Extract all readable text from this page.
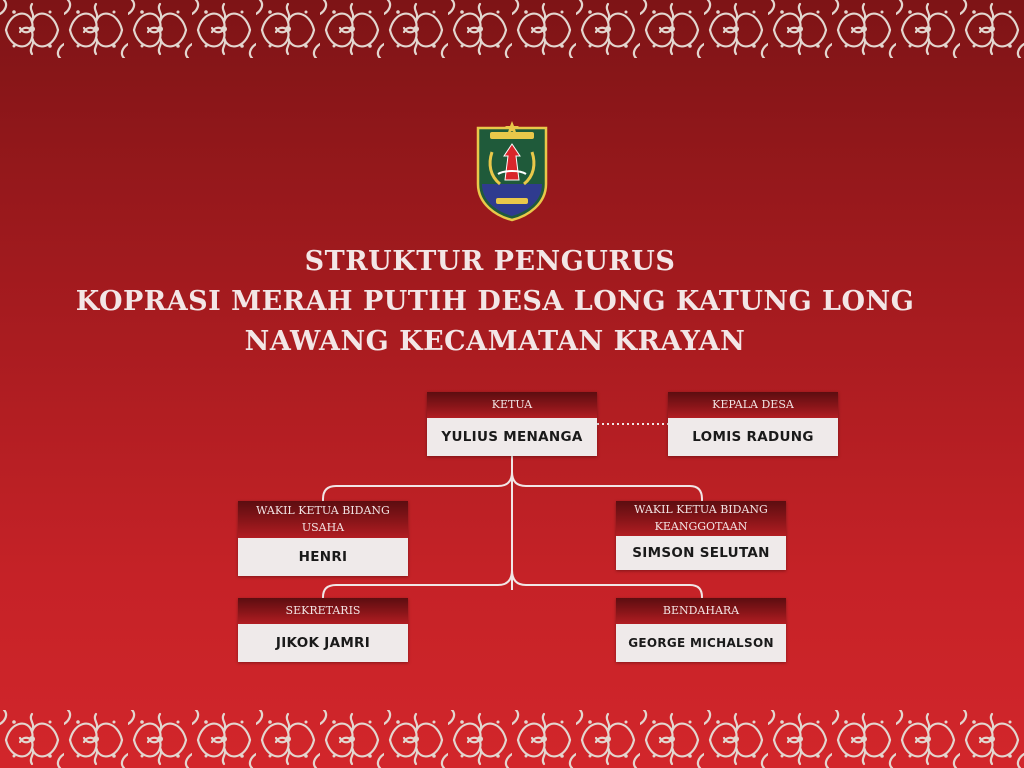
STRUKTUR PENGURUS
KOPRASI MERAH PUTIH DESA LONG KATUNG LONG
NAWANG KECAMATAN KRAYAN
KETUA
YULIUS MENANGA
KEPALA DESA
LOMIS RADUNG
WAKIL KETUA BIDANG USAHA
HENRI
WAKIL KETUA BIDANG KEANGGOTAAN
SIMSON SELUTAN
SEKRETARIS
JIKOK JAMRI
BENDAHARA
GEORGE MICHALSON
